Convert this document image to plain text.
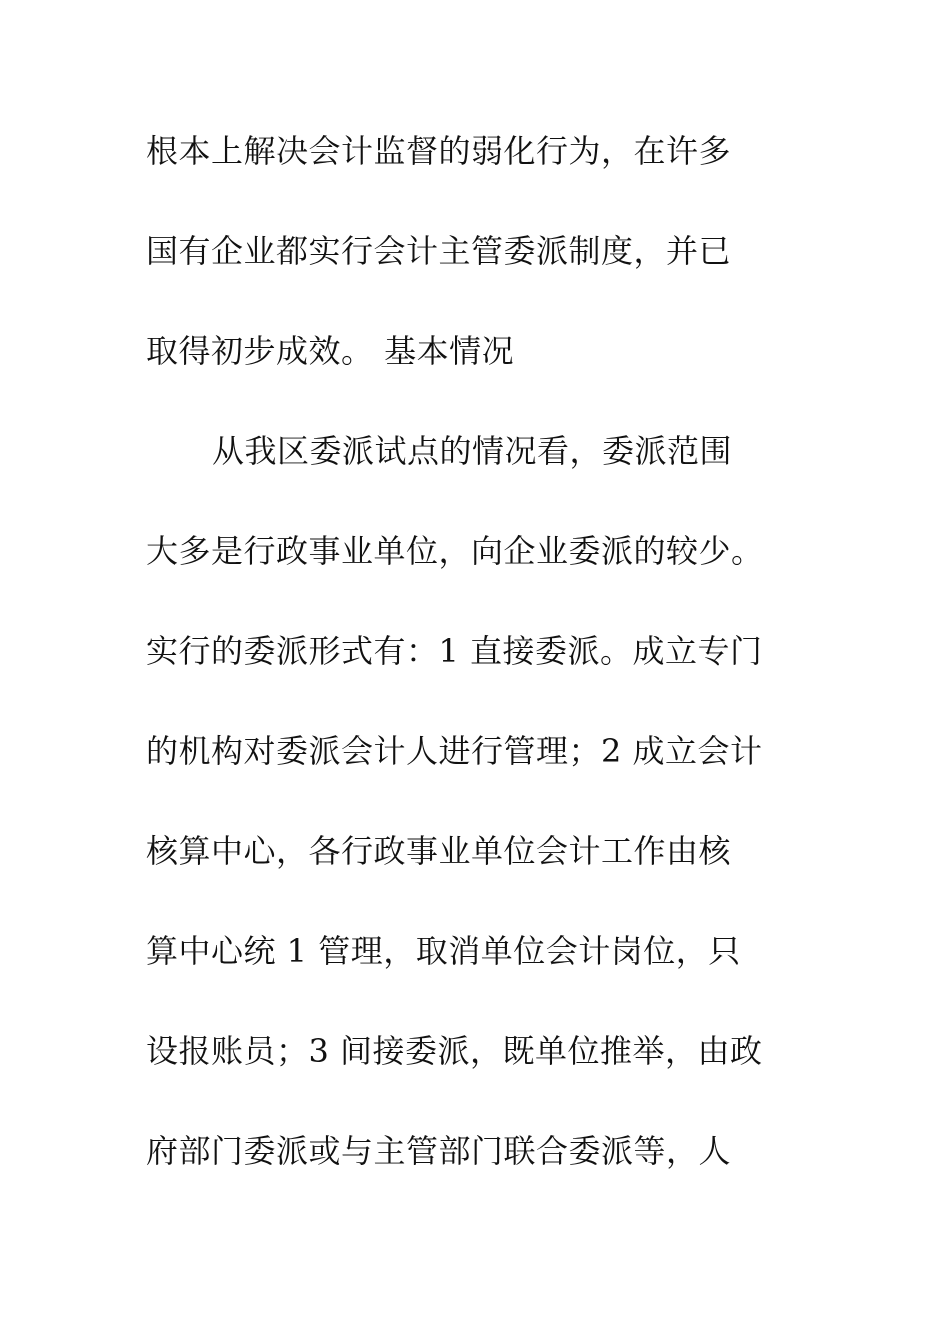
根本上解决会计监督的弱化行为，在许多
国有企业都实行会计主管委派制度，并已
取得初步成效。 基本情况
从我区委派试点的情况看，委派范围
大多是行政事业单位，向企业委派的较少。
实行的委派形式有：1 直接委派。成立专门
的机构对委派会计人进行管理；2 成立会计
核算中心，各行政事业单位会计工作由核
算中心统 1 管理，取消单位会计岗位，只
设报账员；3 间接委派，既单位推举，由政
府部门委派或与主管部门联合委派等，人
